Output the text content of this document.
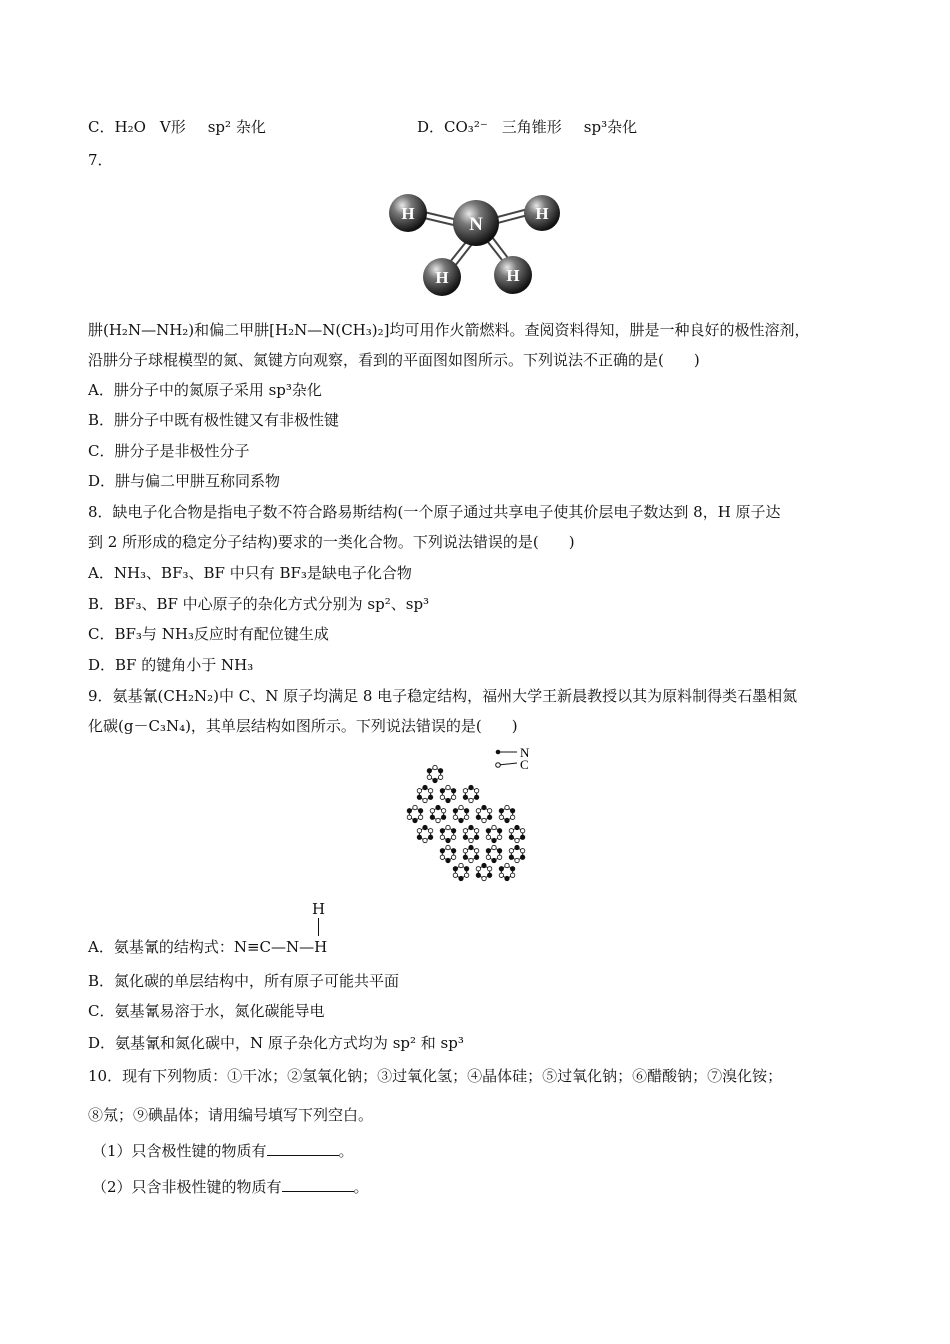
C．H₂O V形 sp² 杂化	D．CO₃²⁻ 三角锥形 sp³杂化
7．
H
N
H
H	H
肼(H₂N—NH₂)和偏二甲肼[H₂N—N(CH₃)₂]均可用作火箭燃料。查阅资料得知，肼是一种良好的极性溶剂，
沿肼分子球棍模型的氮、氮键方向观察，看到的平面图如图所示。下列说法不正确的是(　　)
A．肼分子中的氮原子采用 sp³杂化
B．肼分子中既有极性键又有非极性键
C．肼分子是非极性分子
D．肼与偏二甲肼互称同系物
8．缺电子化合物是指电子数不符合路易斯结构(一个原子通过共享电子使其价层电子数达到 8，H 原子达
到 2 所形成的稳定分子结构)要求的一类化合物。下列说法错误的是(　　)
A．NH₃、BF₃、BF 中只有 BF₃是缺电子化合物
B．BF₃、BF 中心原子的杂化方式分别为 sp²、sp³
C．BF₃与 NH₃反应时有配位键生成
D．BF 的键角小于 NH₃
9．氨基氰(CH₂N₂)中 C、N 原子均满足 8 电子稳定结构，福州大学王新晨教授以其为原料制得类石墨相氮
化碳(g－C₃N₄)，其单层结构如图所示。下列说法错误的是(　　)
N
C
H
A．氨基氰的结构式：N≡C—N—H
B．氮化碳的单层结构中，所有原子可能共平面
C．氨基氰易溶于水，氮化碳能导电
D．氨基氰和氮化碳中，N 原子杂化方式均为 sp² 和 sp³
10．现有下列物质：①干冰；②氢氧化钠；③过氧化氢；④晶体硅；⑤过氧化钠；⑥醋酸钠；⑦溴化铵；
⑧氖；⑨碘晶体；请用编号填写下列空白。
（1）只含极性键的物质有	。
（2）只含非极性键的物质有	。
